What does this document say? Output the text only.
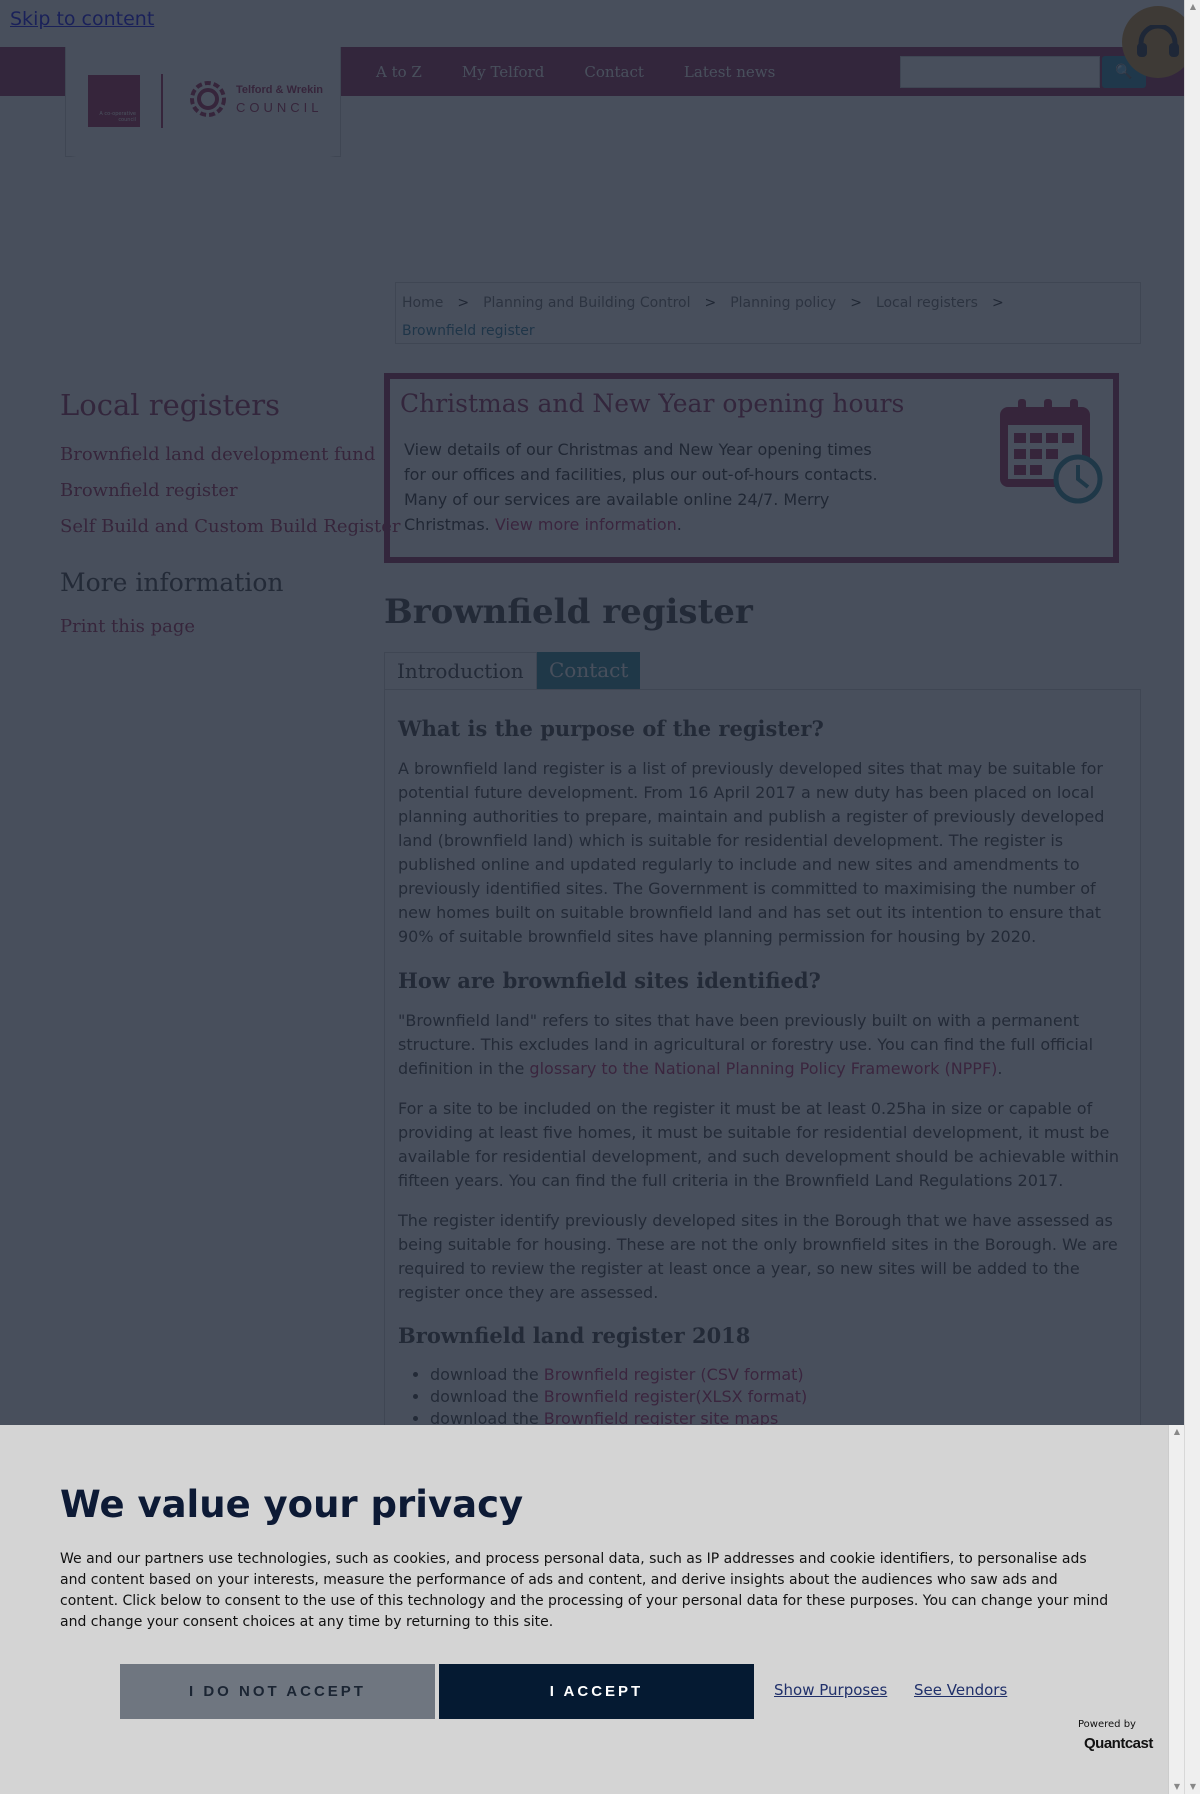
•
•
•
▲
▼
We value your privacy

We and our partners use technologies, such as cookies, and process personal data, such as IP addresses and cookie identifiers, to personalise ads and content based on your interests, measure the performance of ads and content, and derive insights about the audiences who saw ads and content. Click below to consent to the use of this technology and the processing of your personal data for these purposes. You can change your mind and change your consent choices at any time by returning to this site.

I DO NOT ACCEPT	I ACCEPT	Show Purposes See Vendors
Powered by
Quantcast
▲
▼
